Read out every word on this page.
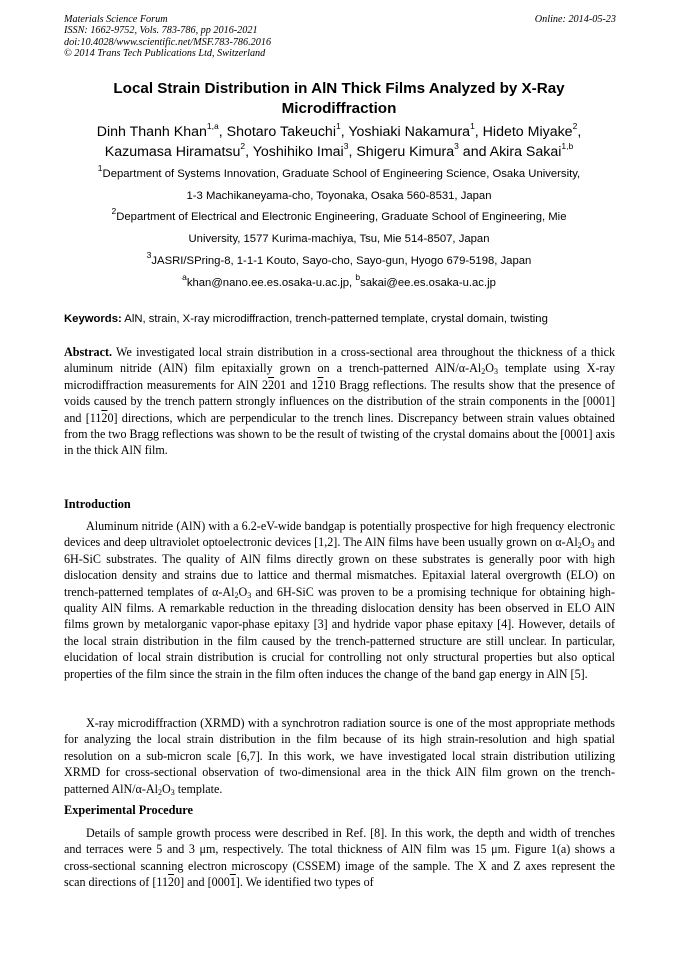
Materials Science Forum
ISSN: 1662-9752, Vols. 783-786, pp 2016-2021
doi:10.4028/www.scientific.net/MSF.783-786.2016
© 2014 Trans Tech Publications Ltd, Switzerland
Online: 2014-05-23
Local Strain Distribution in AlN Thick Films Analyzed by X-Ray Microdiffraction
Dinh Thanh Khan$^{1,a}$, Shotaro Takeuchi$^1$, Yoshiaki Nakamura$^1$, Hideto Miyake$^2$,
Kazumasa Hiramatsu$^2$, Yoshihiko Imai$^3$, Shigeru Kimura$^3$ and Akira Sakai$^{1,b}$
$^1$Department of Systems Innovation, Graduate School of Engineering Science, Osaka University,
1-3 Machikaneyama-cho, Toyonaka, Osaka 560-8531, Japan
$^2$Department of Electrical and Electronic Engineering, Graduate School of Engineering, Mie
University, 1577 Kurima-machiya, Tsu, Mie 514-8507, Japan
$^3$JASRI/SPring-8, 1-1-1 Kouto, Sayo-cho, Sayo-gun, Hyogo 679-5198, Japan
$^a$khan@nano.ee.es.osaka-u.ac.jp, $^b$sakai@ee.es.osaka-u.ac.jp
Keywords: AlN, strain, X-ray microdiffraction, trench-patterned template, crystal domain, twisting
Abstract. We investigated local strain distribution in a cross-sectional area throughout the thickness of a thick aluminum nitride (AlN) film epitaxially grown on a trench-patterned AlN/$\alpha-Al_2O_3$ template using X-ray microdiffraction measurements for AlN 2201 and 1210 Bragg reflections. The results show that the presence of voids caused by the trench pattern strongly influences on the distribution of the strain components in the [0001] and [1120] directions, which are perpendicular to the trench lines. Discrepancy between strain values obtained from the two Bragg reflections was shown to be the result of twisting of the crystal domains about the [0001] axis in the thick AlN film.
Introduction
Aluminum nitride (AlN) with a 6.2-eV-wide bandgap is potentially prospective for high frequency electronic devices and deep ultraviolet optoelectronic devices [1,2]. The AlN films have been usually grown on $\alpha-Al_2O_3$ and 6H-SiC substrates. The quality of AlN films directly grown on these substrates is generally poor with high dislocation density and strains due to lattice and thermal mismatches. Epitaxial lateral overgrowth (ELO) on trench-patterned templates of $\alpha-Al_2O_3$ and 6H-SiC was proven to be a promising technique for obtaining high-quality AlN films. A remarkable reduction in the threading dislocation density has been observed in ELO AlN films grown by metalorganic vapor-phase epitaxy [3] and hydride vapor phase epitaxy [4]. However, details of the local strain distribution in the film caused by the trench-patterned structure are still unclear. In particular, elucidation of local strain distribution is crucial for controlling not only structural properties but also optical properties of the film since the strain in the film often induces the change of the band gap energy in AlN [5].
X-ray microdiffraction (XRMD) with a synchrotron radiation source is one of the most appropriate methods for analyzing the local strain distribution in the film because of its high strain-resolution and high spatial resolution on a sub-micron scale [6,7]. In this work, we have investigated local strain distribution utilizing XRMD for cross-sectional observation of two-dimensional area in the thick AlN film grown on the trench-patterned AlN/$\alpha-Al_2O_3$ template.
Experimental Procedure
Details of sample growth process were described in Ref. [8]. In this work, the depth and width of trenches and terraces were 5 and 3 μm, respectively. The total thickness of AlN film was 15 μm. Figure 1(a) shows a cross-sectional scanning electron microscopy (CSSEM) image of the sample. The X and Z axes represent the scan directions of [1120] and [0001]. We identified two types of
